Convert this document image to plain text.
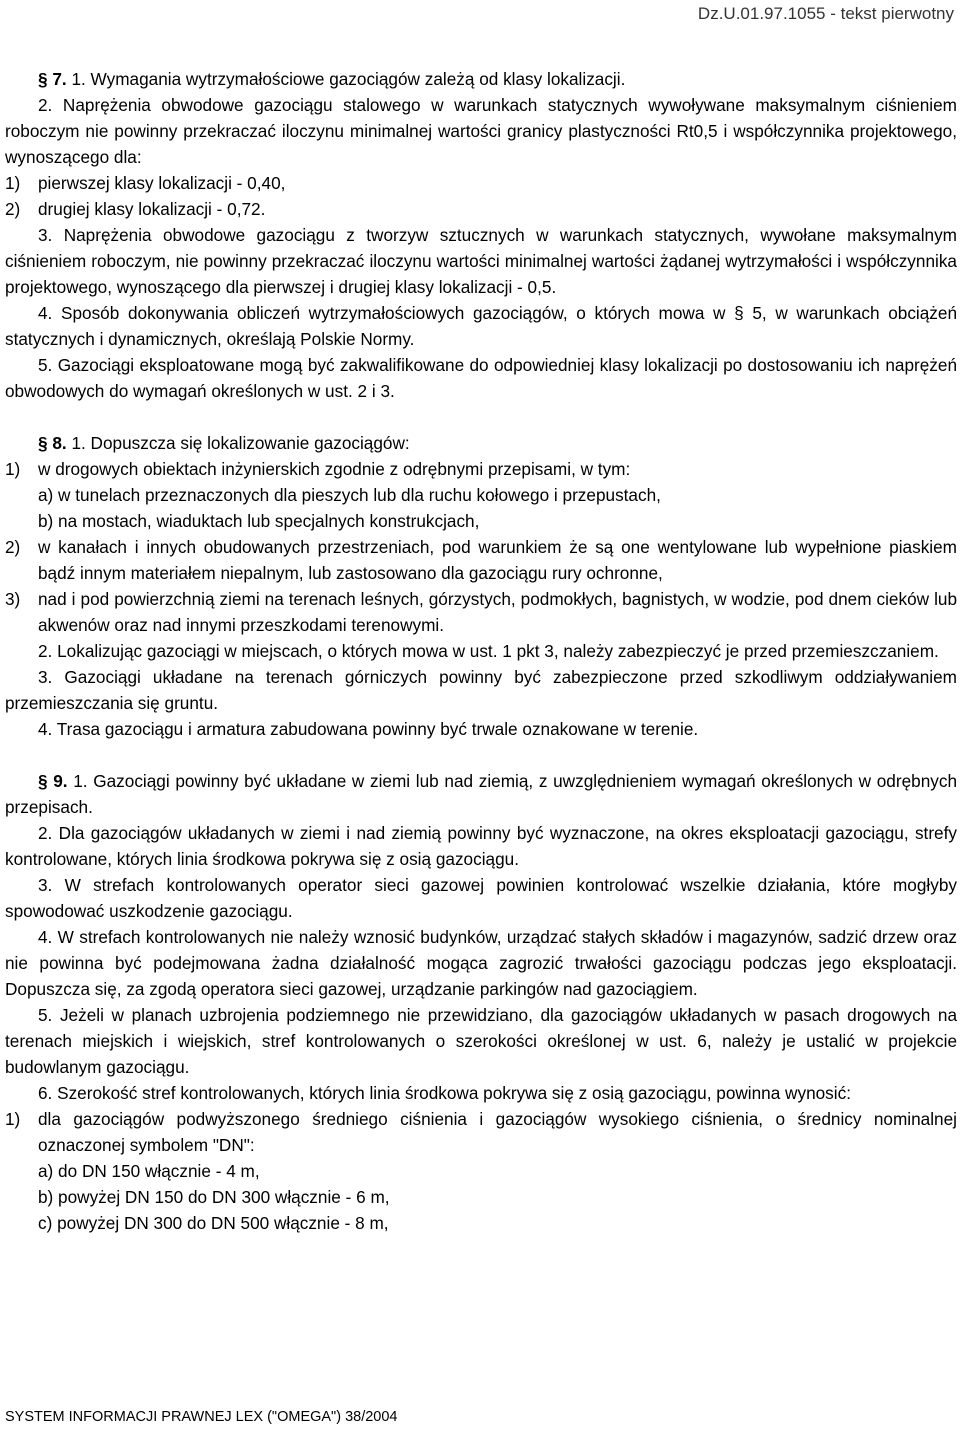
Dz.U.01.97.1055 - tekst pierwotny

§ 7. 1. Wymagania wytrzymałościowe gazociągów zależą od klasy lokalizacji.

2. Naprężenia obwodowe gazociągu stalowego w warunkach statycznych wywoływane maksymalnym ciśnieniem roboczym nie powinny przekraczać iloczynu minimalnej wartości granicy plastyczności Rt0,5 i współczynnika projektowego, wynoszącego dla:

1) pierwszej klasy lokalizacji - 0,40,

2) drugiej klasy lokalizacji - 0,72.

3. Naprężenia obwodowe gazociągu z tworzyw sztucznych w warunkach statycznych, wywołane maksymalnym ciśnieniem roboczym, nie powinny przekraczać iloczynu wartości minimalnej wartości żądanej wytrzymałości i współczynnika projektowego, wynoszącego dla pierwszej i drugiej klasy lokalizacji - 0,5.

4. Sposób dokonywania obliczeń wytrzymałościowych gazociągów, o których mowa w § 5, w warunkach obciążeń statycznych i dynamicznych, określają Polskie Normy.

5. Gazociągi eksploatowane mogą być zakwalifikowane do odpowiedniej klasy lokalizacji po dostosowaniu ich naprężeń obwodowych do wymagań określonych w ust. 2 i 3.

§ 8. 1. Dopuszcza się lokalizowanie gazociągów:

1) w drogowych obiektach inżynierskich zgodnie z odrębnymi przepisami, w tym:

a) w tunelach przeznaczonych dla pieszych lub dla ruchu kołowego i przepustach,

b) na mostach, wiaduktach lub specjalnych konstrukcjach,

2) w kanałach i innych obudowanych przestrzeniach, pod warunkiem że są one wentylowane lub wypełnione piaskiem bądź innym materiałem niepalnym, lub zastosowano dla gazociągu rury ochronne,

3) nad i pod powierzchnią ziemi na terenach leśnych, górzystych, podmokłych, bagnistych, w wodzie, pod dnem cieków lub akwenów oraz nad innymi przeszkodami terenowymi.

2. Lokalizując gazociągi w miejscach, o których mowa w ust. 1 pkt 3, należy zabezpieczyć je przed przemieszczaniem.

3. Gazociągi układane na terenach górniczych powinny być zabezpieczone przed szkodliwym oddziaływaniem przemieszczania się gruntu.

4. Trasa gazociągu i armatura zabudowana powinny być trwale oznakowane w terenie.

§ 9. 1. Gazociągi powinny być układane w ziemi lub nad ziemią, z uwzględnieniem wymagań określonych w odrębnych przepisach.

2. Dla gazociągów układanych w ziemi i nad ziemią powinny być wyznaczone, na okres eksploatacji gazociągu, strefy kontrolowane, których linia środkowa pokrywa się z osią gazociągu.

3. W strefach kontrolowanych operator sieci gazowej powinien kontrolować wszelkie działania, które mogłyby spowodować uszkodzenie gazociągu.

4. W strefach kontrolowanych nie należy wznosić budynków, urządzać stałych składów i magazynów, sadzić drzew oraz nie powinna być podejmowana żadna działalność mogąca zagrozić trwałości gazociągu podczas jego eksploatacji. Dopuszcza się, za zgodą operatora sieci gazowej, urządzanie parkingów nad gazociągiem.

5. Jeżeli w planach uzbrojenia podziemnego nie przewidziano, dla gazociągów układanych w pasach drogowych na terenach miejskich i wiejskich, stref kontrolowanych o szerokości określonej w ust. 6, należy je ustalić w projekcie budowlanym gazociągu.

6. Szerokość stref kontrolowanych, których linia środkowa pokrywa się z osią gazociągu, powinna wynosić:

1) dla gazociągów podwyższonego średniego ciśnienia i gazociągów wysokiego ciśnienia, o średnicy nominalnej oznaczonej symbolem "DN":

a) do DN 150 włącznie - 4 m,

b) powyżej DN 150 do DN 300 włącznie - 6 m,

c) powyżej DN 300 do DN 500 włącznie - 8 m,

SYSTEM INFORMACJI PRAWNEJ LEX ("OMEGA") 38/2004
